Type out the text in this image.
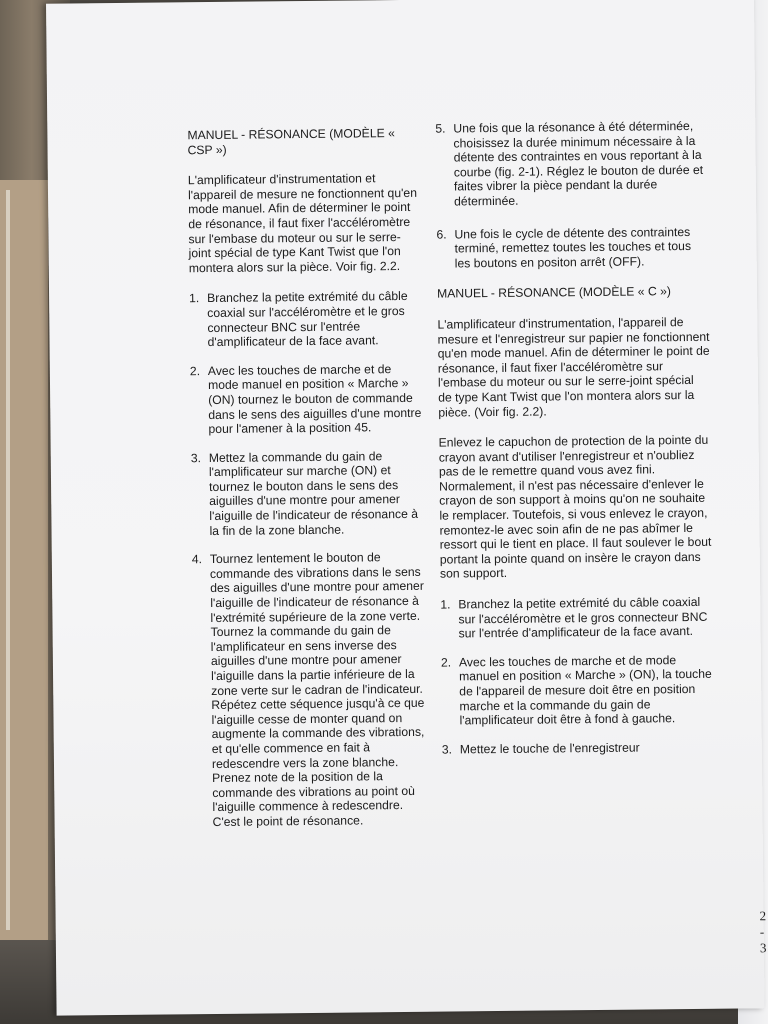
MANUEL - RÉSONANCE (MODÈLE « CSP »)

L'amplificateur d'instrumentation et l'appareil de mesure ne fonctionnent qu'en mode manuel. Afin de déterminer le point de résonance, il faut fixer l'accéléromètre sur l'embase du moteur ou sur le serre-joint spécial de type Kant Twist que l'on montera alors sur la pièce. Voir fig. 2.2.

1. Branchez la petite extrémité du câble coaxial sur l'accéléromètre et le gros connecteur BNC sur l'entrée d'amplificateur de la face avant.
2. Avec les touches de marche et de mode manuel en position « Marche » (ON) tournez le bouton de commande dans le sens des aiguilles d'une montre pour l'amener à la position 45.
3. Mettez la commande du gain de l'amplificateur sur marche (ON) et tournez le bouton dans le sens des aiguilles d'une montre pour amener l'aiguille de l'indicateur de résonance à la fin de la zone blanche.
4. Tournez lentement le bouton de commande des vibrations dans le sens des aiguilles d'une montre pour amener l'aiguille de l'indicateur de résonance à l'extrémité supérieure de la zone verte. Tournez la commande du gain de l'amplificateur en sens inverse des aiguilles d'une montre pour amener l'aiguille dans la partie inférieure de la zone verte sur le cadran de l'indicateur. Répétez cette séquence jusqu'à ce que l'aiguille cesse de monter quand on augmente la commande des vibrations, et qu'elle commence en fait à redescendre vers la zone blanche. Prenez note de la position de la commande des vibrations au point où l'aiguille commence à redescendre. C'est le point de résonance.
5. Une fois que la résonance à été déterminée, choisissez la durée minimum nécessaire à la détente des contraintes en vous reportant à la courbe (fig. 2-1). Réglez le bouton de durée et faites vibrer la pièce pendant la durée déterminée.
6. Une fois le cycle de détente des contraintes terminé, remettez toutes les touches et tous les boutons en positon arrêt (OFF).

MANUEL - RÉSONANCE (MODÈLE « C »)

L'amplificateur d'instrumentation, l'appareil de mesure et l'enregistreur sur papier ne fonctionnent qu'en mode manuel. Afin de déterminer le point de résonance, il faut fixer l'accéléromètre sur l'embase du moteur ou sur le serre-joint spécial de type Kant Twist que l'on montera alors sur la pièce. (Voir fig. 2.2).

Enlevez le capuchon de protection de la pointe du crayon avant d'utiliser l'enregistreur et n'oubliez pas de le remettre quand vous avez fini. Normalement, il n'est pas nécessaire d'enlever le crayon de son support à moins qu'on ne souhaite le remplacer. Toutefois, si vous enlevez le crayon, remontez-le avec soin afin de ne pas abîmer le ressort qui le tient en place. Il faut soulever le bout portant la pointe quand on insère le crayon dans son support.

1. Branchez la petite extrémité du câble coaxial sur l'accéléromètre et le gros connecteur BNC sur l'entrée d'amplificateur de la face avant.
2. Avec les touches de marche et de mode manuel en position « Marche » (ON), la touche de l'appareil de mesure doit être en position marche et la commande du gain de l'amplificateur doit être à fond à gauche.
3. Mettez le touche de l'enregistreur
2 - 3
